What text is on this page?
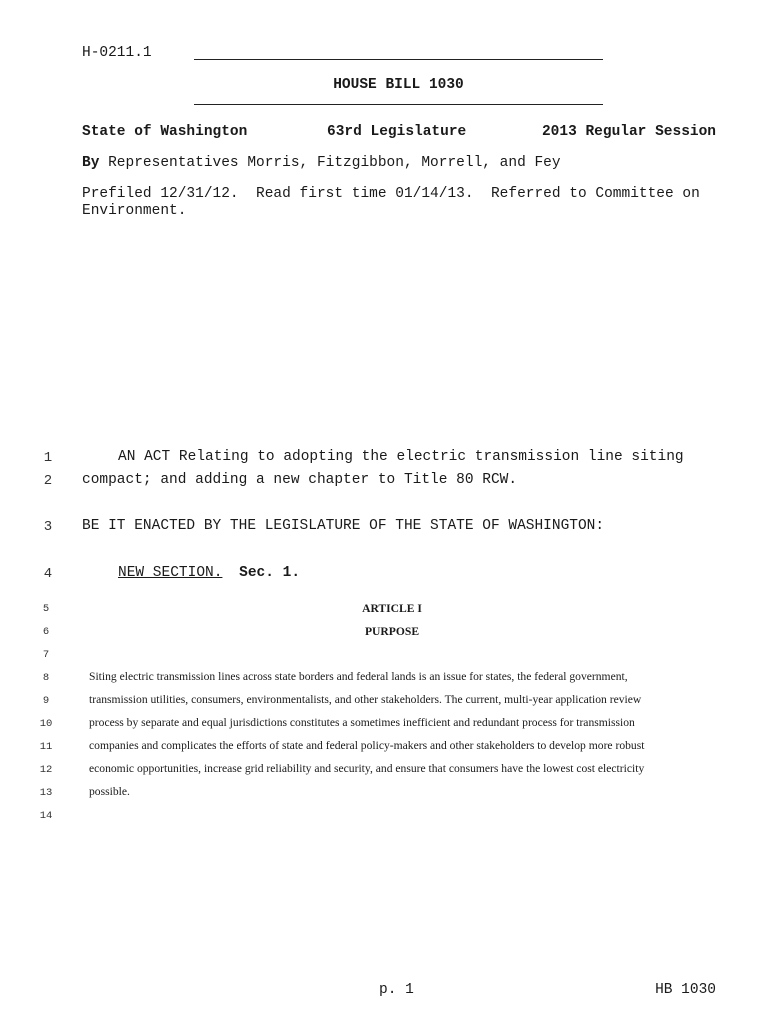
H-0211.1
HOUSE BILL 1030
State of Washington	63rd Legislature	2013 Regular Session
By Representatives Morris, Fitzgibbon, Morrell, and Fey
Prefiled 12/31/12.  Read first time 01/14/13.  Referred to Committee on
Environment.
1
2
3
4
5
6
7
8
9
10
11
12
13
14
AN ACT Relating to adopting the electric transmission line siting
compact; and adding a new chapter to Title 80 RCW.
BE IT ENACTED BY THE LEGISLATURE OF THE STATE OF WASHINGTON:
NEW SECTION. Sec. 1.
ARTICLE I
PURPOSE
Siting electric transmission lines across state borders and federal lands is an issue for states, the federal government,
transmission utilities, consumers, environmentalists, and other stakeholders. The current, multi-year application review
process by separate and equal jurisdictions constitutes a sometimes inefficient and redundant process for transmission
companies and complicates the efforts of state and federal policy-makers and other stakeholders to develop more robust
economic opportunities, increase grid reliability and security, and ensure that consumers have the lowest cost electricity
possible.
p. 1	HB 1030
